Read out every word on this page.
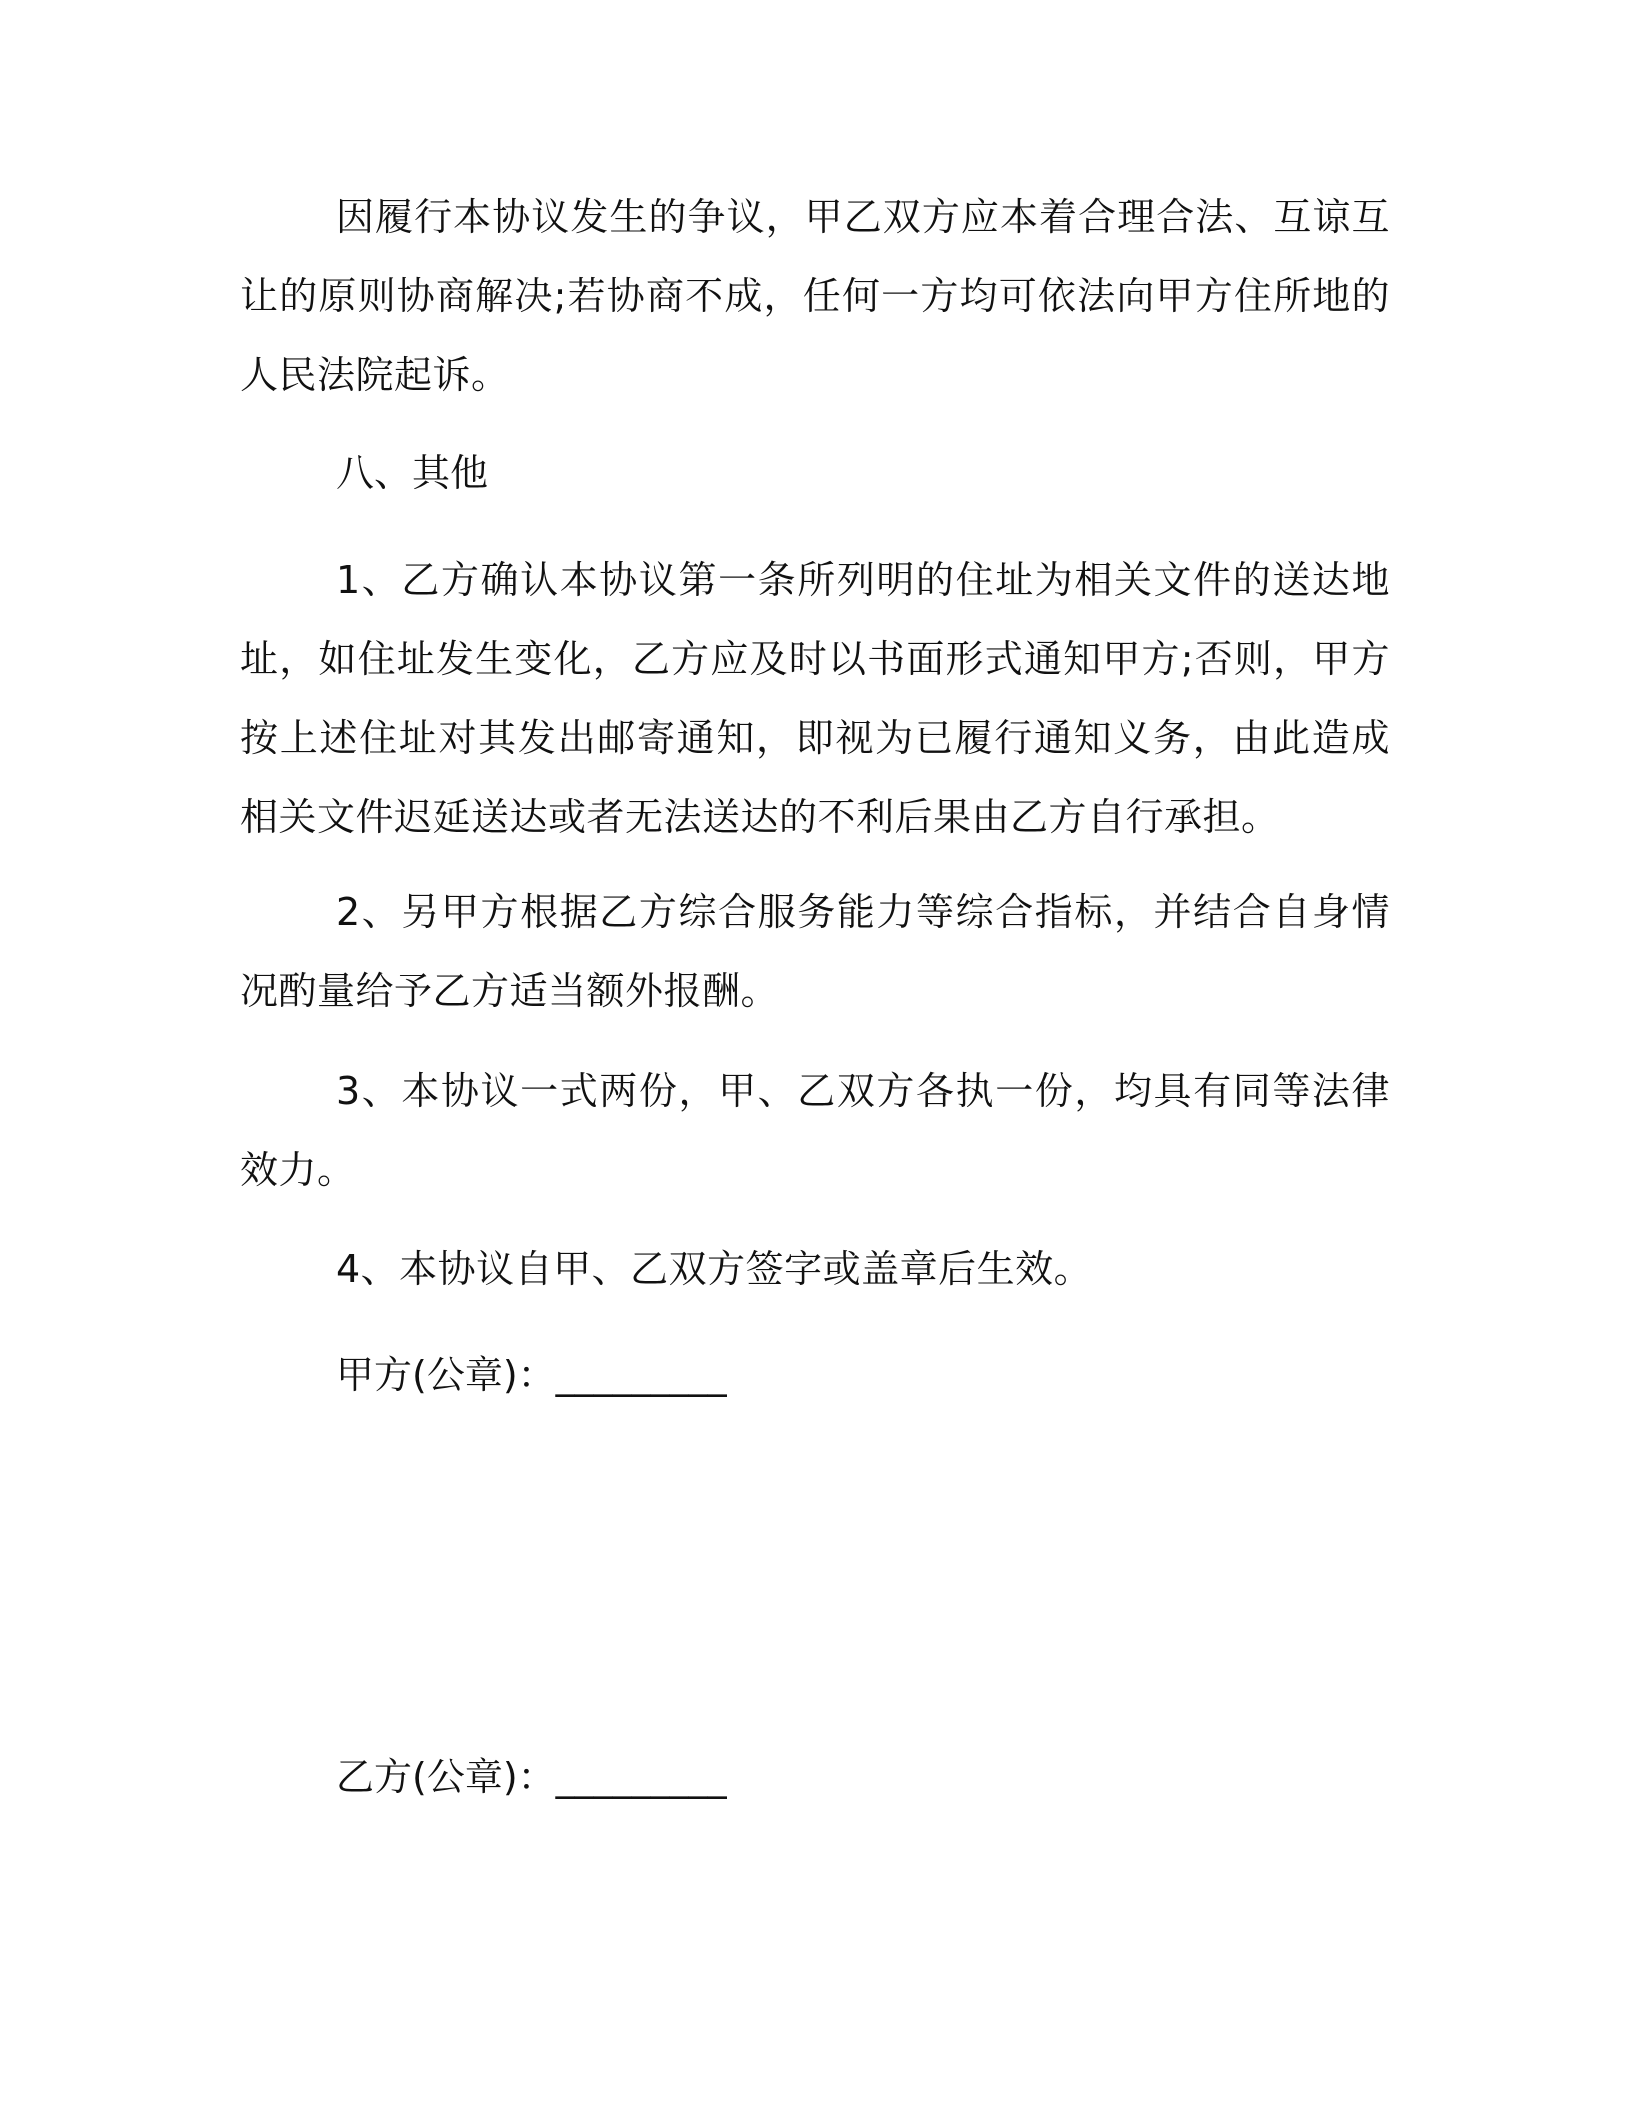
因履行本协议发生的争议，甲乙双方应本着合理合法、互谅互让的原则协商解决;若协商不成，任何一方均可依法向甲方住所地的人民法院起诉。

八、其他

1、乙方确认本协议第一条所列明的住址为相关文件的送达地址，如住址发生变化，乙方应及时以书面形式通知甲方;否则，甲方按上述住址对其发出邮寄通知，即视为已履行通知义务，由此造成相关文件迟延送达或者无法送达的不利后果由乙方自行承担。

2、另甲方根据乙方综合服务能力等综合指标，并结合自身情况酌量给予乙方适当额外报酬。

3、本协议一式两份，甲、乙双方各执一份，均具有同等法律效力。

4、本协议自甲、乙双方签字或盖章后生效。

甲方(公章)：_________

乙方(公章)：_________
